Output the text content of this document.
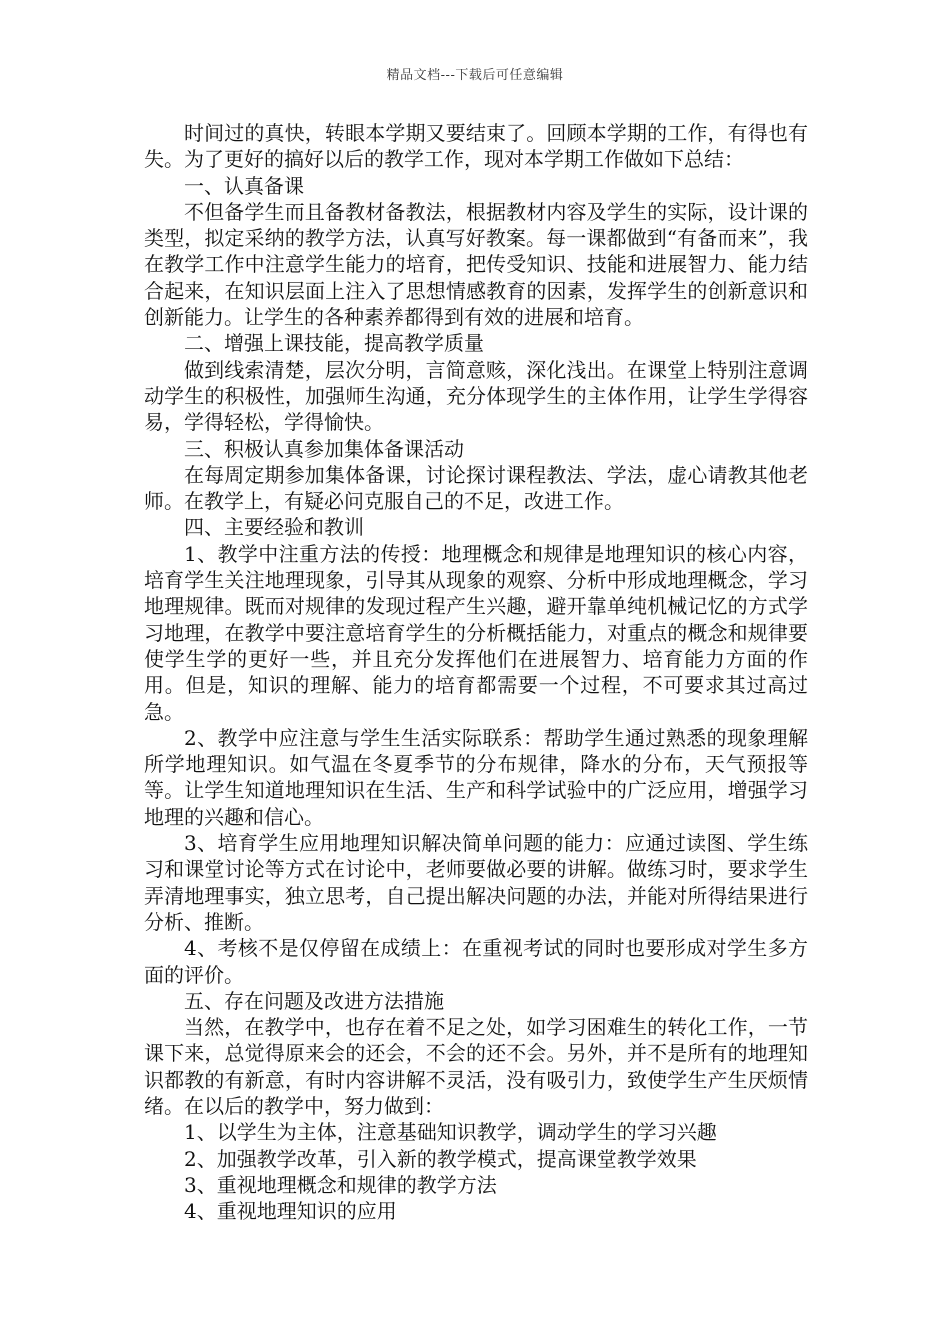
精品文档---下载后可任意编辑

时间过的真快，转眼本学期又要结束了。回顾本学期的工作，有得也有失。为了更好的搞好以后的教学工作，现对本学期工作做如下总结：

一、认真备课

不但备学生而且备教材备教法，根据教材内容及学生的实际，设计课的类型，拟定采纳的教学方法，认真写好教案。每一课都做到“有备而来”，我在教学工作中注意学生能力的培育，把传受知识、技能和进展智力、能力结合起来，在知识层面上注入了思想情感教育的因素，发挥学生的创新意识和创新能力。让学生的各种素养都得到有效的进展和培育。

二、增强上课技能，提高教学质量

做到线索清楚，层次分明，言简意赅，深化浅出。在课堂上特别注意调动学生的积极性，加强师生沟通，充分体现学生的主体作用，让学生学得容易，学得轻松，学得愉快。

三、积极认真参加集体备课活动

在每周定期参加集体备课，讨论探讨课程教法、学法，虚心请教其他老师。在教学上，有疑必问克服自己的不足，改进工作。

四、主要经验和教训

1、教学中注重方法的传授：地理概念和规律是地理知识的核心内容，培育学生关注地理现象，引导其从现象的观察、分析中形成地理概念，学习地理规律。既而对规律的发现过程产生兴趣，避开靠单纯机械记忆的方式学习地理，在教学中要注意培育学生的分析概括能力，对重点的概念和规律要使学生学的更好一些，并且充分发挥他们在进展智力、培育能力方面的作用。但是，知识的理解、能力的培育都需要一个过程，不可要求其过高过急。

2、教学中应注意与学生生活实际联系：帮助学生通过熟悉的现象理解所学地理知识。如气温在冬夏季节的分布规律，降水的分布，天气预报等等。让学生知道地理知识在生活、生产和科学试验中的广泛应用，增强学习地理的兴趣和信心。

3、培育学生应用地理知识解决简单问题的能力：应通过读图、学生练习和课堂讨论等方式在讨论中，老师要做必要的讲解。做练习时，要求学生弄清地理事实，独立思考，自己提出解决问题的办法，并能对所得结果进行分析、推断。

4、考核不是仅停留在成绩上：在重视考试的同时也要形成对学生多方面的评价。

五、存在问题及改进方法措施

当然，在教学中，也存在着不足之处，如学习困难生的转化工作，一节课下来，总觉得原来会的还会，不会的还不会。另外，并不是所有的地理知识都教的有新意，有时内容讲解不灵活，没有吸引力，致使学生产生厌烦情绪。在以后的教学中，努力做到：

1、以学生为主体，注意基础知识教学，调动学生的学习兴趣

2、加强教学改革，引入新的教学模式，提高课堂教学效果

3、重视地理概念和规律的教学方法

4、重视地理知识的应用
